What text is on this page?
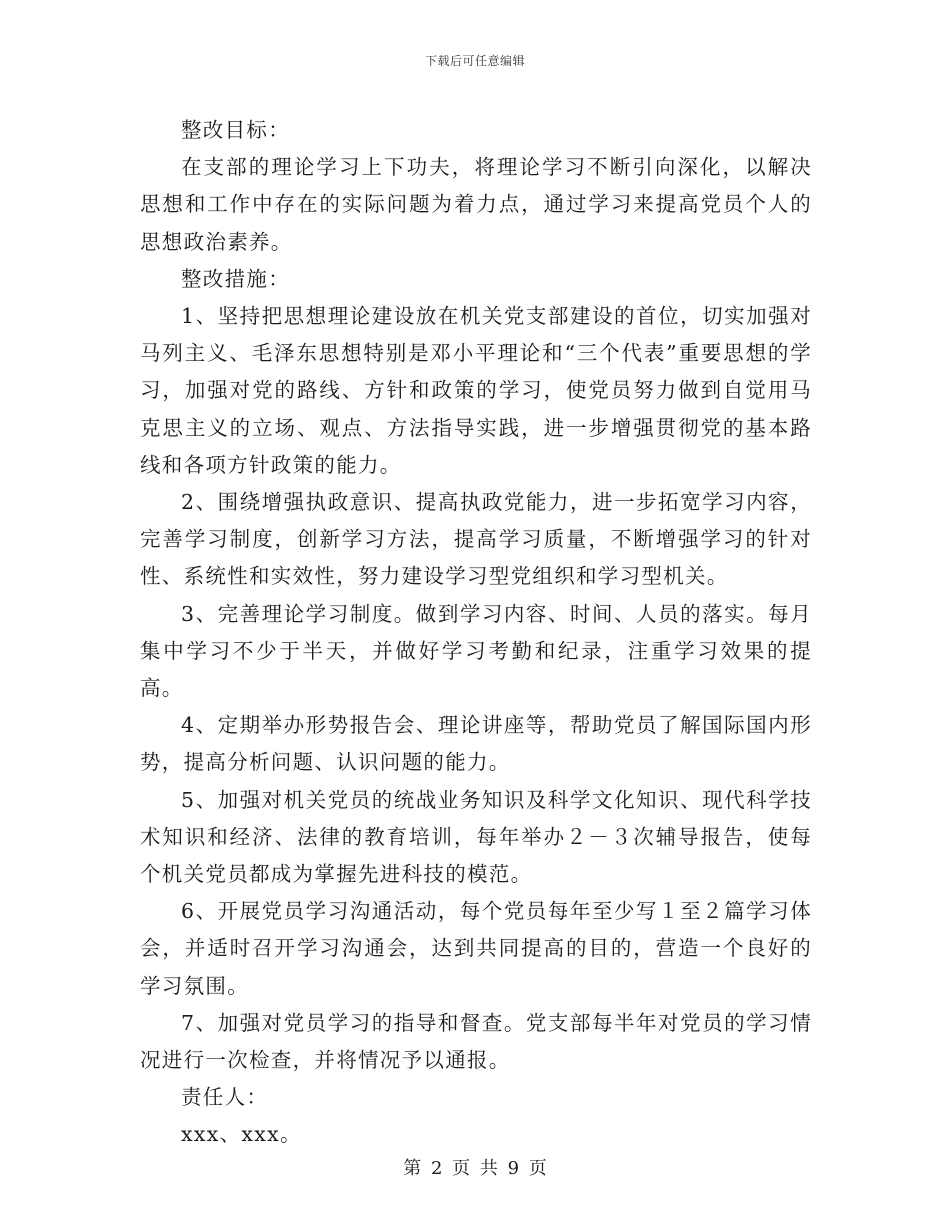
下载后可任意编辑

整改目标：

在支部的理论学习上下功夫，将理论学习不断引向深化，以解决思想和工作中存在的实际问题为着力点，通过学习来提高党员个人的思想政治素养。

整改措施：

1、坚持把思想理论建设放在机关党支部建设的首位，切实加强对马列主义、毛泽东思想特别是邓小平理论和“三个代表”重要思想的学习，加强对党的路线、方针和政策的学习，使党员努力做到自觉用马克思主义的立场、观点、方法指导实践，进一步增强贯彻党的基本路线和各项方针政策的能力。

2、围绕增强执政意识、提高执政党能力，进一步拓宽学习内容，完善学习制度，创新学习方法，提高学习质量，不断增强学习的针对性、系统性和实效性，努力建设学习型党组织和学习型机关。

3、完善理论学习制度。做到学习内容、时间、人员的落实。每月集中学习不少于半天，并做好学习考勤和纪录，注重学习效果的提高。

4、定期举办形势报告会、理论讲座等，帮助党员了解国际国内形势，提高分析问题、认识问题的能力。

5、加强对机关党员的统战业务知识及科学文化知识、现代科学技术知识和经济、法律的教育培训，每年举办２－３次辅导报告，使每个机关党员都成为掌握先进科技的模范。

6、开展党员学习沟通活动，每个党员每年至少写１至２篇学习体会，并适时召开学习沟通会，达到共同提高的目的，营造一个良好的学习氛围。

7、加强对党员学习的指导和督查。党支部每半年对党员的学习情况进行一次检查，并将情况予以通报。

责任人：

xxx、xxx。

第 2 页 共 9 页
